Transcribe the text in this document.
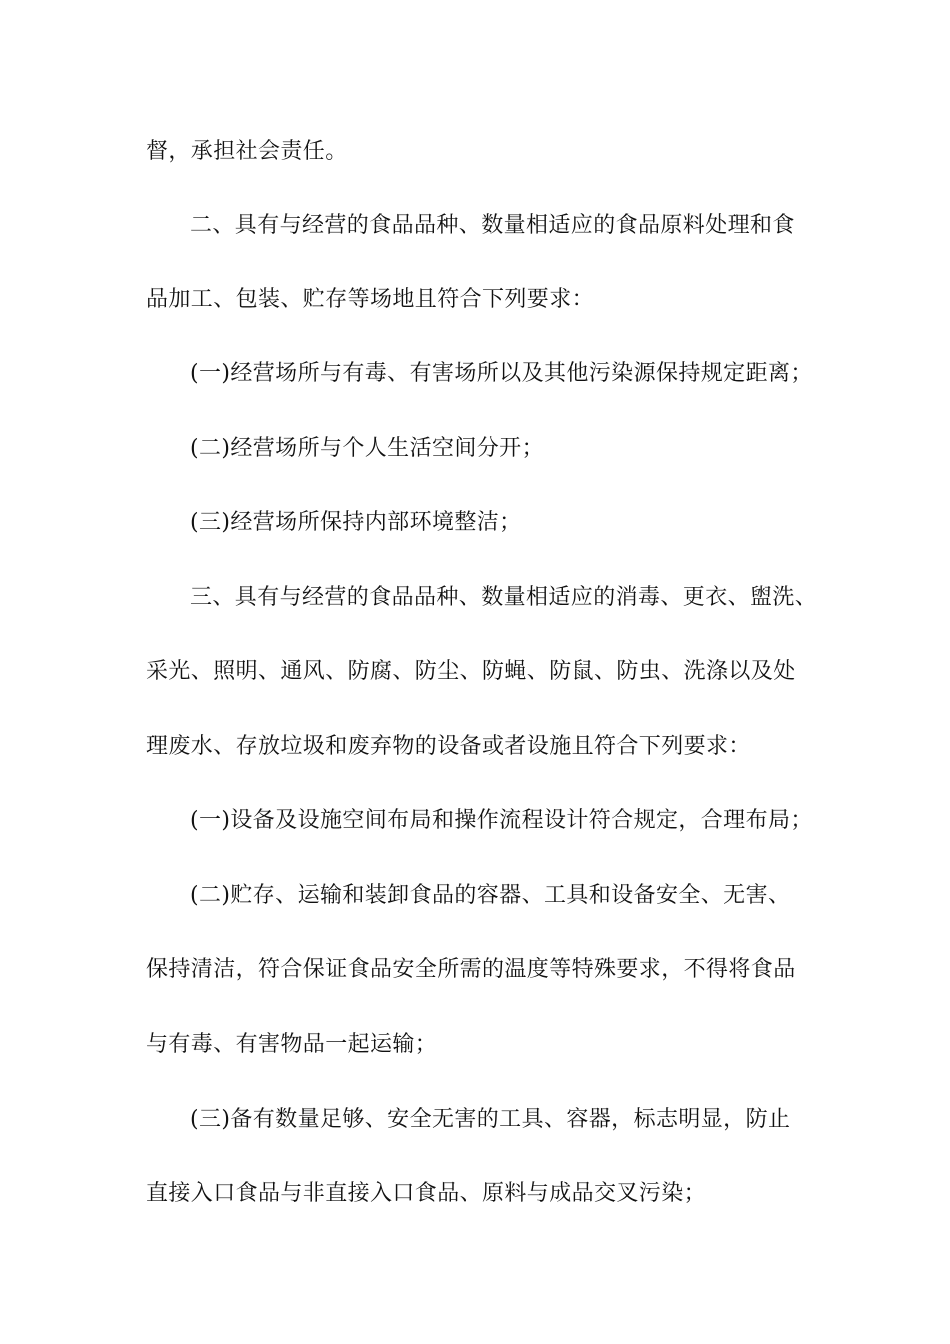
督，承担社会责任。
二、具有与经营的食品品种、数量相适应的食品原料处理和食
品加工、包装、贮存等场地且符合下列要求：
(一)经营场所与有毒、有害场所以及其他污染源保持规定距离；
(二)经营场所与个人生活空间分开；
(三)经营场所保持内部环境整洁；
三、具有与经营的食品品种、数量相适应的消毒、更衣、盥洗、
采光、照明、通风、防腐、防尘、防蝇、防鼠、防虫、洗涤以及处
理废水、存放垃圾和废弃物的设备或者设施且符合下列要求：
(一)设备及设施空间布局和操作流程设计符合规定，合理布局；
(二)贮存、运输和装卸食品的容器、工具和设备安全、无害、
保持清洁，符合保证食品安全所需的温度等特殊要求，不得将食品
与有毒、有害物品一起运输；
(三)备有数量足够、安全无害的工具、容器，标志明显，防止
直接入口食品与非直接入口食品、原料与成品交叉污染；
